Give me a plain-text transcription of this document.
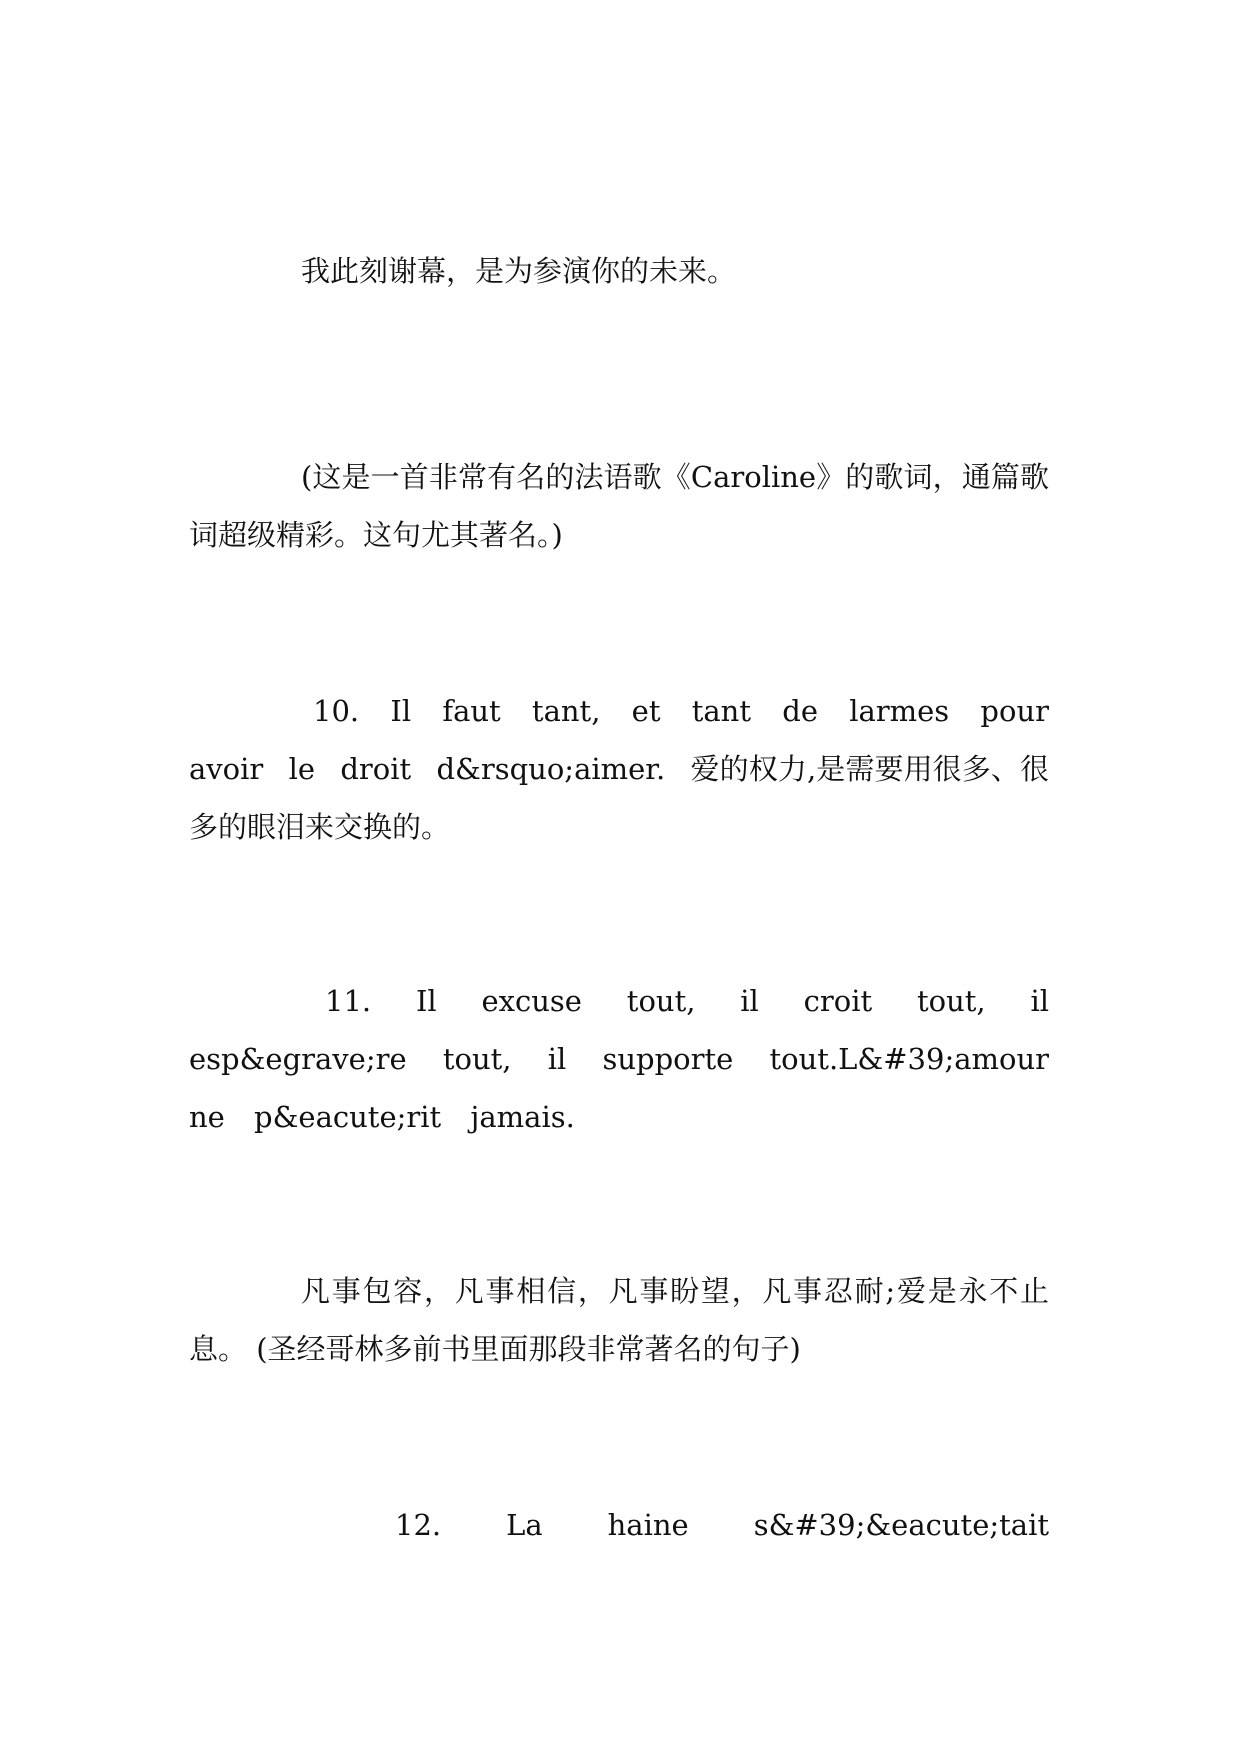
我此刻谢幕，是为参演你的未来。

(这是一首非常有名的法语歌《Caroline》的歌词，通篇歌词超级精彩。这句尤其著名。)

10. Il faut tant, et tant de larmes pour avoir le droit d&rsquo;aimer. 爱的权力,是需要用很多、很多的眼泪来交换的。

11. Il excuse tout, il croit tout, il esp&egrave;re tout, il supporte tout.L&#39;amour ne p&eacute;rit jamais.

凡事包容，凡事相信，凡事盼望，凡事忍耐;爱是永不止息。 (圣经哥林多前书里面那段非常著名的句子)

12. La haine s&#39;&eacute;tait
